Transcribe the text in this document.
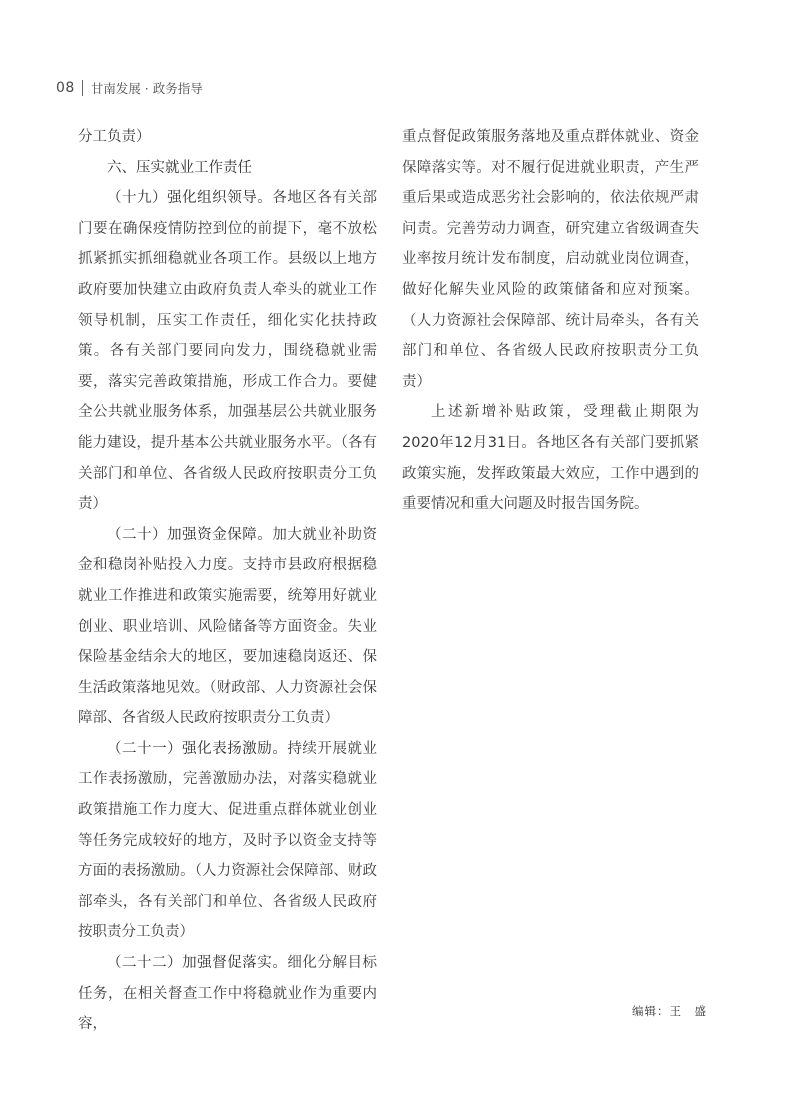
08 甘南发展 · 政务指导

分工负责）

六、压实就业工作责任

（十九）强化组织领导。各地区各有关部门要在确保疫情防控到位的前提下，毫不放松抓紧抓实抓细稳就业各项工作。县级以上地方政府要加快建立由政府负责人牵头的就业工作领导机制，压实工作责任，细化实化扶持政策。各有关部门要同向发力，围绕稳就业需要，落实完善政策措施，形成工作合力。要健全公共就业服务体系，加强基层公共就业服务能力建设，提升基本公共就业服务水平。（各有关部门和单位、各省级人民政府按职责分工负责）

（二十）加强资金保障。加大就业补助资金和稳岗补贴投入力度。支持市县政府根据稳就业工作推进和政策实施需要，统筹用好就业创业、职业培训、风险储备等方面资金。失业保险基金结余大的地区，要加速稳岗返还、保生活政策落地见效。（财政部、人力资源社会保障部、各省级人民政府按职责分工负责）

（二十一）强化表扬激励。持续开展就业工作表扬激励，完善激励办法，对落实稳就业政策措施工作力度大、促进重点群体就业创业等任务完成较好的地方，及时予以资金支持等方面的表扬激励。（人力资源社会保障部、财政部牵头，各有关部门和单位、各省级人民政府按职责分工负责）

（二十二）加强督促落实。细化分解目标任务，在相关督查工作中将稳就业作为重要内容，

重点督促政策服务落地及重点群体就业、资金保障落实等。对不履行促进就业职责，产生严重后果或造成恶劣社会影响的，依法依规严肃问责。完善劳动力调查，研究建立省级调查失业率按月统计发布制度，启动就业岗位调查，做好化解失业风险的政策储备和应对预案。（人力资源社会保障部、统计局牵头，各有关部门和单位、各省级人民政府按职责分工负责）

上述新增补贴政策，受理截止期限为2020年12月31日。各地区各有关部门要抓紧政策实施，发挥政策最大效应，工作中遇到的重要情况和重大问题及时报告国务院。

编辑：王　盛
